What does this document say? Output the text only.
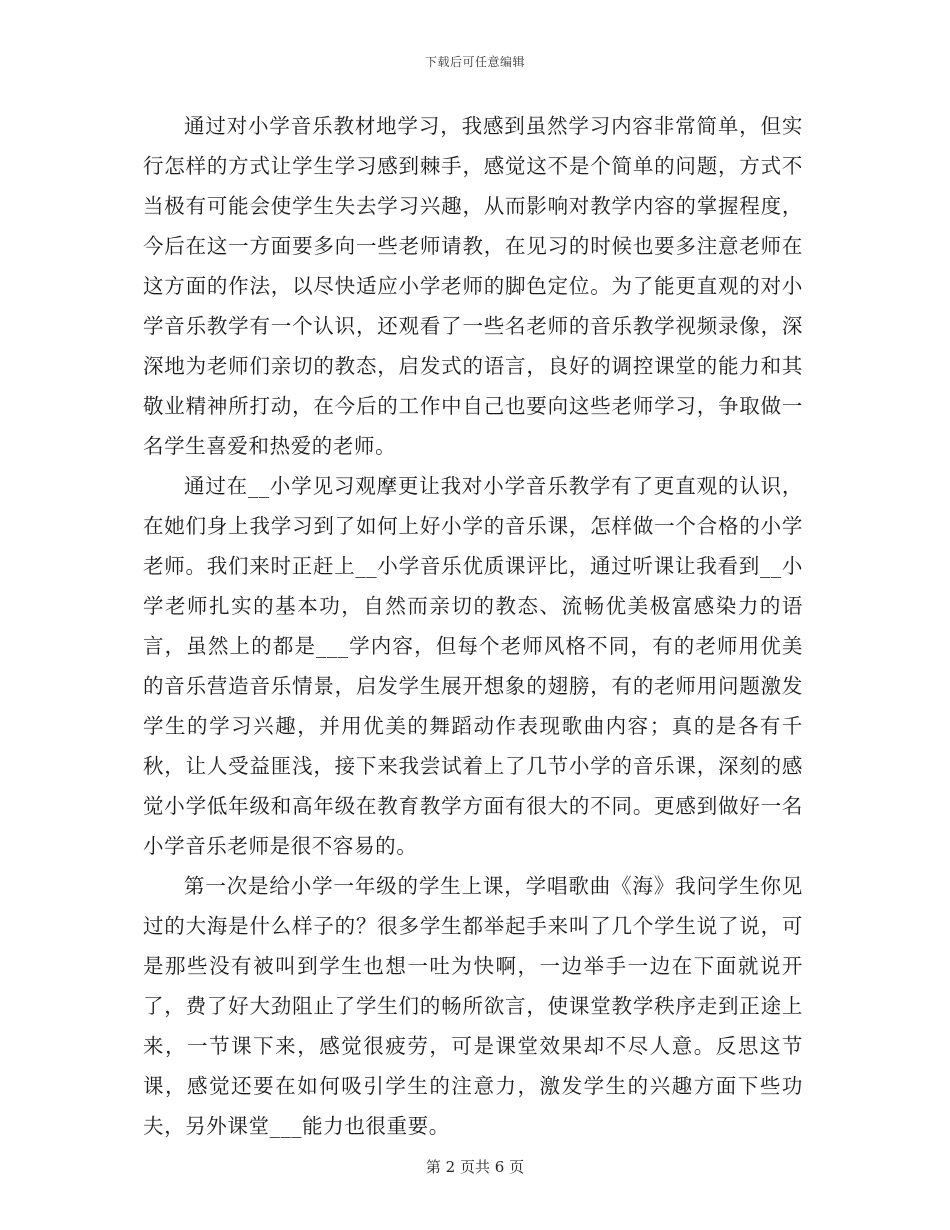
下载后可任意编辑

通过对小学音乐教材地学习，我感到虽然学习内容非常简单，但实行怎样的方式让学生学习感到棘手，感觉这不是个简单的问题，方式不当极有可能会使学生失去学习兴趣，从而影响对教学内容的掌握程度，今后在这一方面要多向一些老师请教，在见习的时候也要多注意老师在这方面的作法，以尽快适应小学老师的脚色定位。为了能更直观的对小学音乐教学有一个认识，还观看了一些名老师的音乐教学视频录像，深深地为老师们亲切的教态，启发式的语言，良好的调控课堂的能力和其敬业精神所打动，在今后的工作中自己也要向这些老师学习，争取做一名学生喜爱和热爱的老师。

通过在__小学见习观摩更让我对小学音乐教学有了更直观的认识，在她们身上我学习到了如何上好小学的音乐课，怎样做一个合格的小学老师。我们来时正赶上__小学音乐优质课评比，通过听课让我看到__小学老师扎实的基本功，自然而亲切的教态、流畅优美极富感染力的语言，虽然上的都是___学内容，但每个老师风格不同，有的老师用优美的音乐营造音乐情景，启发学生展开想象的翅膀，有的老师用问题激发学生的学习兴趣，并用优美的舞蹈动作表现歌曲内容；真的是各有千秋，让人受益匪浅，接下来我尝试着上了几节小学的音乐课，深刻的感觉小学低年级和高年级在教育教学方面有很大的不同。更感到做好一名小学音乐老师是很不容易的。

第一次是给小学一年级的学生上课，学唱歌曲《海》我问学生你见过的大海是什么样子的？很多学生都举起手来叫了几个学生说了说，可是那些没有被叫到学生也想一吐为快啊，一边举手一边在下面就说开了，费了好大劲阻止了学生们的畅所欲言，使课堂教学秩序走到正途上来，一节课下来，感觉很疲劳，可是课堂效果却不尽人意。反思这节课，感觉还要在如何吸引学生的注意力，激发学生的兴趣方面下些功夫，另外课堂___能力也很重要。

第 2 页共 6 页
